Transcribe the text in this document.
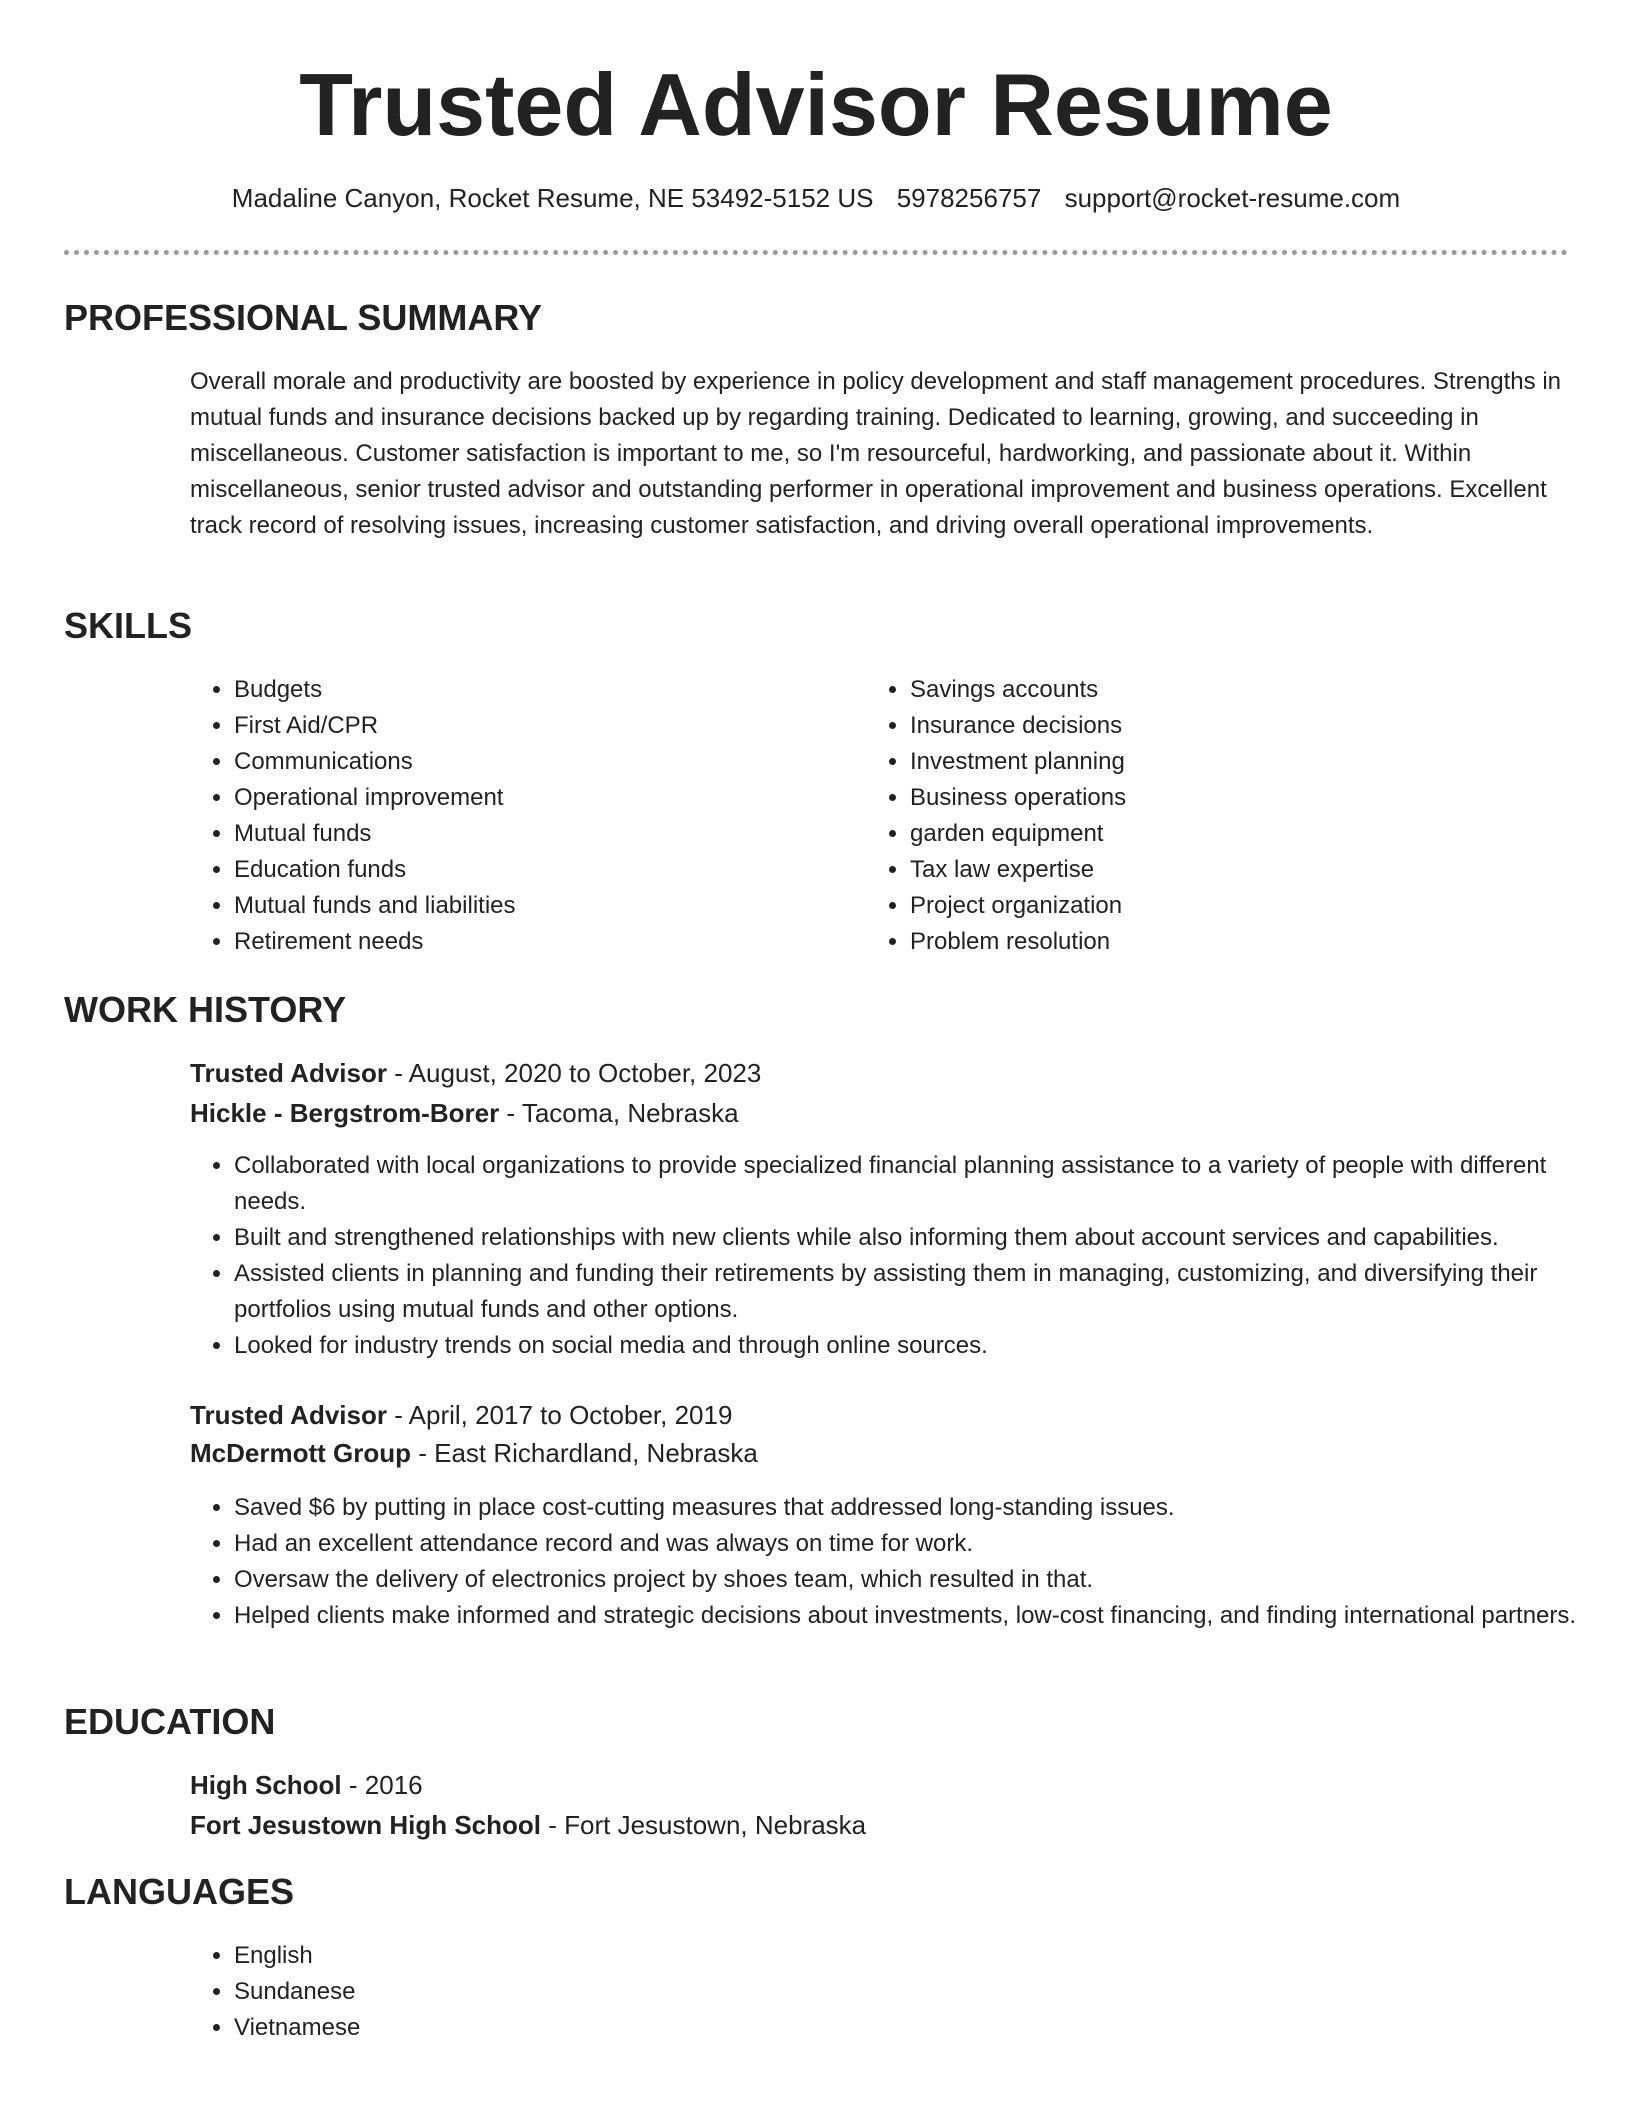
Trusted Advisor Resume
Madaline Canyon, Rocket Resume, NE 53492-5152 US 5978256757 support@rocket-resume.com
PROFESSIONAL SUMMARY

Overall morale and productivity are boosted by experience in policy development and staff management procedures. Strengths in mutual funds and insurance decisions backed up by regarding training. Dedicated to learning, growing, and succeeding in miscellaneous. Customer satisfaction is important to me, so I'm resourceful, hardworking, and passionate about it. Within miscellaneous, senior trusted advisor and outstanding performer in operational improvement and business operations. Excellent track record of resolving issues, increasing customer satisfaction, and driving overall operational improvements.

SKILLS
• Budgets
• First Aid/CPR
• Communications
• Operational improvement
• Mutual funds
• Education funds
• Mutual funds and liabilities
• Retirement needs
• Savings accounts
• Insurance decisions
• Investment planning
• Business operations
• garden equipment
• Tax law expertise
• Project organization
• Problem resolution
WORK HISTORY
Trusted Advisor - August, 2020 to October, 2023
Hickle - Bergstrom-Borer - Tacoma, Nebraska
• Collaborated with local organizations to provide specialized financial planning assistance to a variety of people with different needs.
• Built and strengthened relationships with new clients while also informing them about account services and capabilities.
• Assisted clients in planning and funding their retirements by assisting them in managing, customizing, and diversifying their portfolios using mutual funds and other options.
• Looked for industry trends on social media and through online sources.
Trusted Advisor - April, 2017 to October, 2019
McDermott Group - East Richardland, Nebraska
• Saved $6 by putting in place cost-cutting measures that addressed long-standing issues.
• Had an excellent attendance record and was always on time for work.
• Oversaw the delivery of electronics project by shoes team, which resulted in that.
• Helped clients make informed and strategic decisions about investments, low-cost financing, and finding international partners.
EDUCATION
High School - 2016
Fort Jesustown High School - Fort Jesustown, Nebraska
LANGUAGES
• English
• Sundanese
• Vietnamese
